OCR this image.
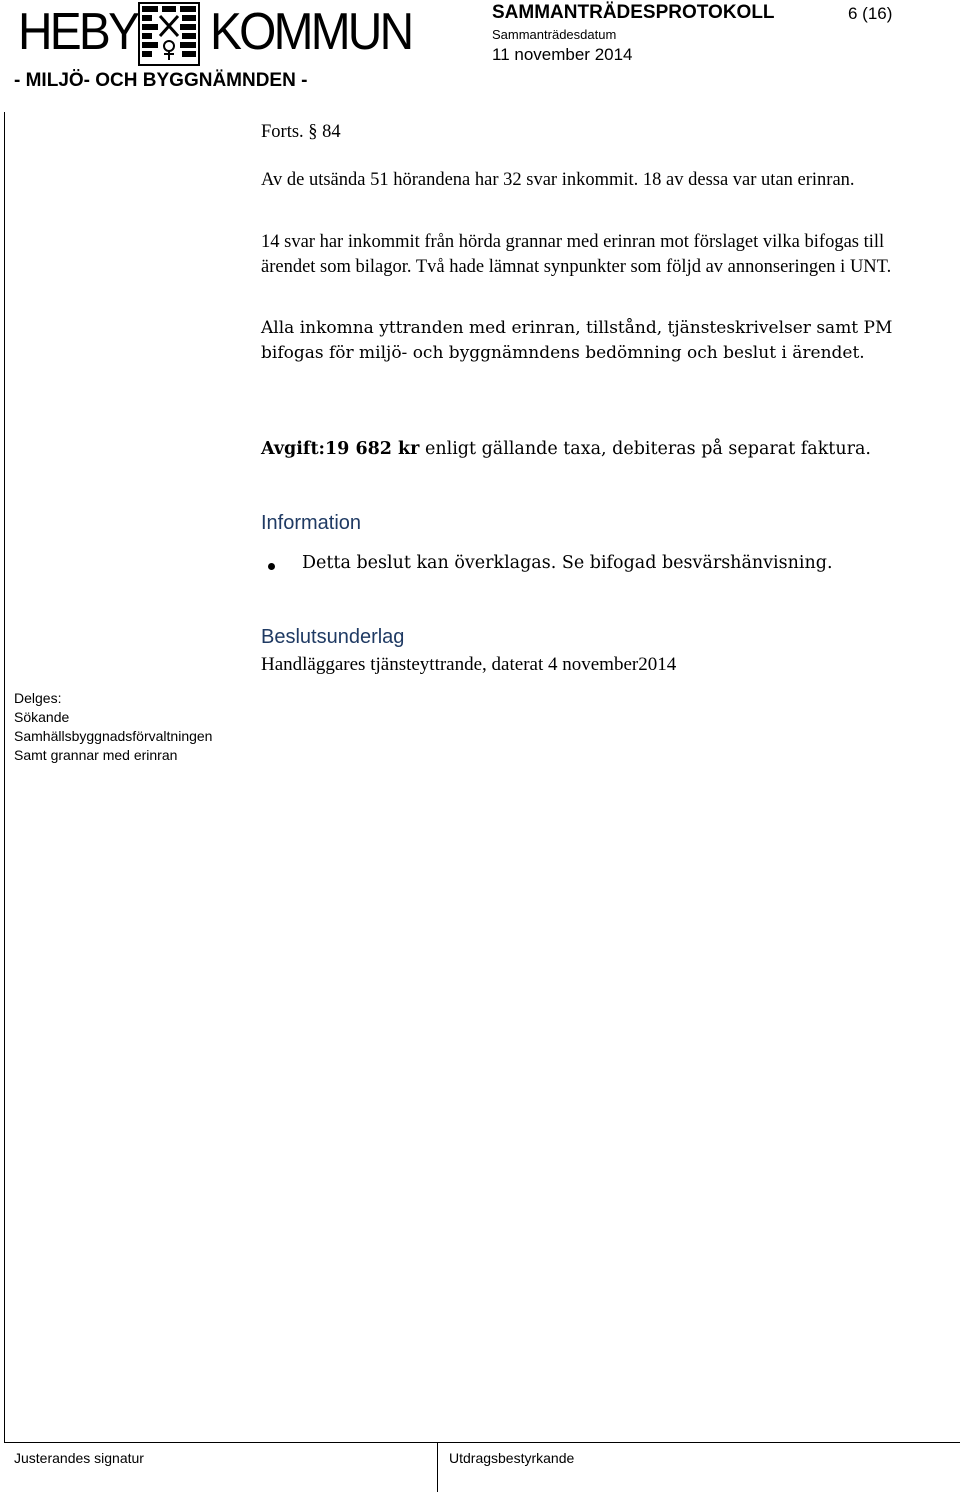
HEBY KOMMUN
- MILJÖ- OCH BYGGNÄMNDEN -
SAMMANTRÄDESPROTOKOLL	6 (16)
Sammanträdesdatum
11 november 2014
Forts. § 84
Av de utsända 51 hörandena har 32 svar inkommit. 18 av dessa var utan erinran.
14 svar har inkommit från hörda grannar med erinran mot förslaget vilka bifogas till ärendet som bilagor. Två hade lämnat synpunkter som följd av annonseringen i UNT.
Alla inkomna yttranden med erinran, tillstånd, tjänsteskrivelser samt PM bifogas för miljö- och byggnämndens bedömning och beslut i ärendet.
Avgift:19 682 kr enligt gällande taxa, debiteras på separat faktura.
Information
Detta beslut kan överklagas. Se bifogad besvärshänvisning.
Beslutsunderlag
Handläggares tjänsteyttrande, daterat 4 november2014
Delges:
Sökande
Samhällsbyggnadsförvaltningen
Samt grannar med erinran
Justerandes signatur	Utdragsbestyrkande
